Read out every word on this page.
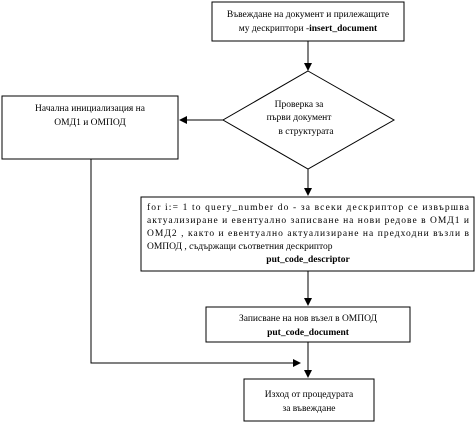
Въвеждане на документ и прилежащите
му дескриптори -insert_document
Начална инициализация на
ОМД1 и ОМПОД
Проверка за
първи документ
в структурата
for i:= 1 to query_number do - за всеки дескриптор се извършва
актуализиране и евентуално записване на нови редове в ОМД1 и
ОМД2 , както и евентуално актуализиране на предходни възли в
ОМПОД , съдържащи съответния дескриптор
put_code_descriptor
Записване на нов възел в ОМПОД
put_code_document
Изход от процедурата
за въвеждане
